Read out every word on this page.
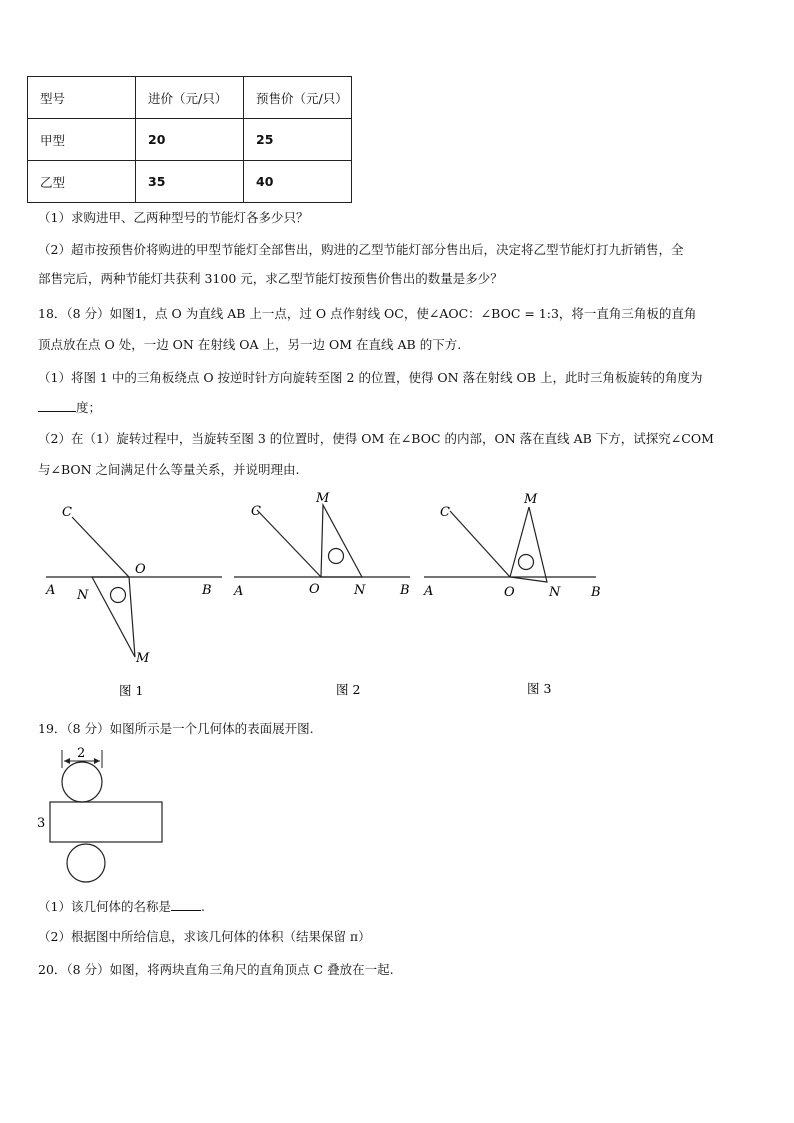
型号	进价（元/只）	预售价（元/只）
甲型	20	25
乙型	35	40
（1）求购进甲、乙两种型号的节能灯各多少只？
（2）超市按预售价将购进的甲型节能灯全部售出，购进的乙型节能灯部分售出后，决定将乙型节能灯打九折销售，全
部售完后，两种节能灯共获利 3100 元，求乙型节能灯按预售价售出的数量是多少？
18．（8 分）如图1，点 O 为直线 AB 上一点，过 O 点作射线 OC，使∠AOC：∠BOC = 1:3，将一直角三角板的直角
顶点放在点 O 处，一边 ON 在射线 OA 上，另一边 OM 在直线 AB 的下方.
（1）将图 1 中的三角板绕点 O 按逆时针方向旋转至图 2 的位置，使得 ON 落在射线 OB 上，此时三角板旋转的角度为
度；
（2）在（1）旋转过程中，当旋转至图 3 的位置时，使得 OM 在∠BOC 的内部，ON 落在直线 AB 下方，试探究∠COM
与∠BON 之间满足什么等量关系，并说明理由.
C
O
A N	B
M
图 1
C
M
A	O	N	B
图 2
C
M
A	O	N B
图 3
19．（8 分）如图所示是一个几何体的表面展开图.
2
3
（1）该几何体的名称是 .
（2）根据图中所给信息，求该几何体的体积（结果保留 π）
20．（8 分）如图，将两块直角三角尺的直角顶点 C 叠放在一起.
